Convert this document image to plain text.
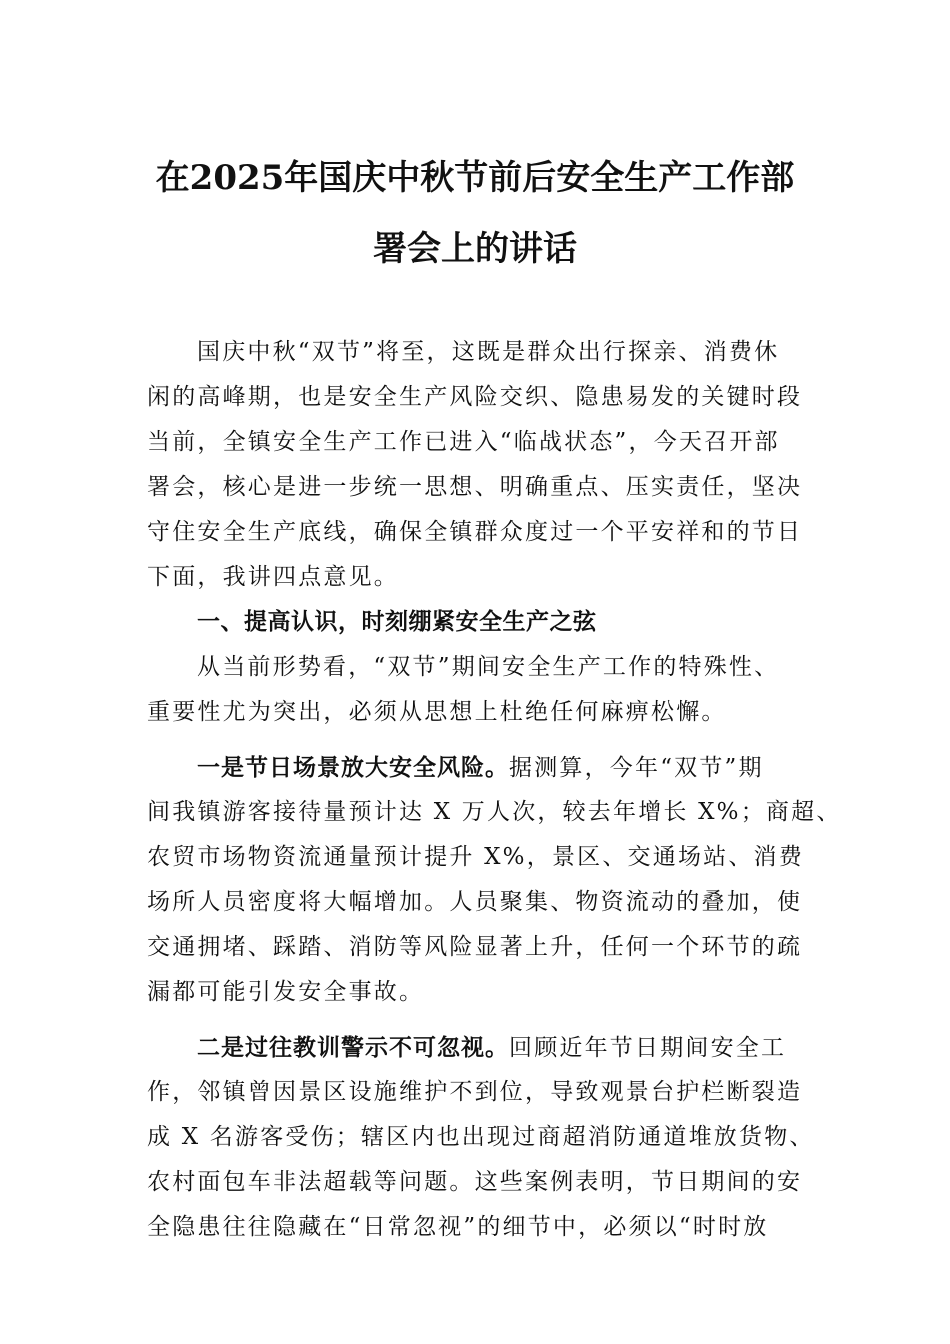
在2025年国庆中秋节前后安全生产工作部

署会上的讲话

国庆中秋“双节”将至，这既是群众出行探亲、消费休
闲的高峰期，也是安全生产风险交织、隐患易发的关键时段
当前，全镇安全生产工作已进入“临战状态”，今天召开部
署会，核心是进一步统一思想、明确重点、压实责任，坚决
守住安全生产底线，确保全镇群众度过一个平安祥和的节日
下面，我讲四点意见。
一、提高认识，时刻绷紧安全生产之弦
从当前形势看，“双节”期间安全生产工作的特殊性、
重要性尤为突出，必须从思想上杜绝任何麻痹松懈。
一是节日场景放大安全风险。据测算，今年“双节”期
间我镇游客接待量预计达 X 万人次，较去年增长 X%；商超、
农贸市场物资流通量预计提升 X%，景区、交通场站、消费
场所人员密度将大幅增加。人员聚集、物资流动的叠加，使
交通拥堵、踩踏、消防等风险显著上升，任何一个环节的疏
漏都可能引发安全事故。
二是过往教训警示不可忽视。回顾近年节日期间安全工
作，邻镇曾因景区设施维护不到位，导致观景台护栏断裂造
成 X 名游客受伤；辖区内也出现过商超消防通道堆放货物、
农村面包车非法超载等问题。这些案例表明，节日期间的安
全隐患往往隐藏在“日常忽视”的细节中，必须以“时时放
